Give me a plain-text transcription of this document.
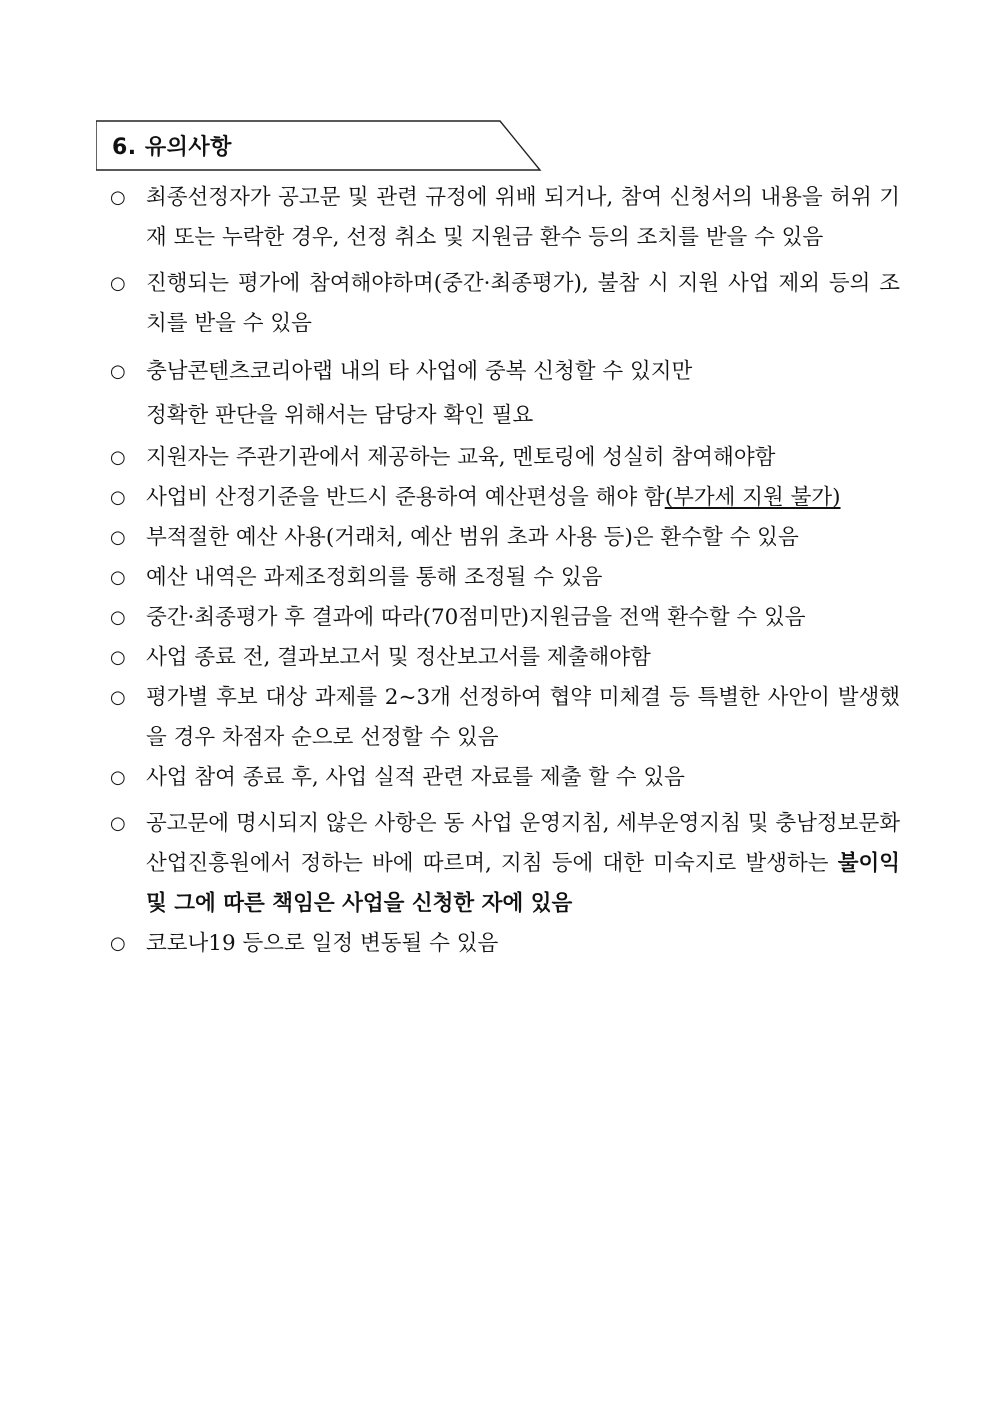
6. 유의사항
○ 최종선정자가 공고문 및 관련 규정에 위배 되거나, 참여 신청서의 내용을 허위 기재 또는 누락한 경우, 선정 취소 및 지원금 환수 등의 조치를 받을 수 있음
○ 진행되는 평가에 참여해야하며(중간·최종평가), 불참 시 지원 사업 제외 등의 조치를 받을 수 있음
○ 충남콘텐츠코리아랩 내의 타 사업에 중복 신청할 수 있지만
정확한 판단을 위해서는 담당자 확인 필요
○ 지원자는 주관기관에서 제공하는 교육, 멘토링에 성실히 참여해야함
○ 사업비 산정기준을 반드시 준용하여 예산편성을 해야 함(부가세 지원 불가)
○ 부적절한 예산 사용(거래처, 예산 범위 초과 사용 등)은 환수할 수 있음
○ 예산 내역은 과제조정회의를 통해 조정될 수 있음
○ 중간·최종평가 후 결과에 따라(70점미만)지원금을 전액 환수할 수 있음
○ 사업 종료 전, 결과보고서 및 정산보고서를 제출해야함
○ 평가별 후보 대상 과제를 2~3개 선정하여 협약 미체결 등 특별한 사안이 발생했을 경우 차점자 순으로 선정할 수 있음
○ 사업 참여 종료 후, 사업 실적 관련 자료를 제출 할 수 있음
○ 공고문에 명시되지 않은 사항은 동 사업 운영지침, 세부운영지침 및 충남정보문화산업진흥원에서 정하는 바에 따르며, 지침 등에 대한 미숙지로 발생하는 불이익 및 그에 따른 책임은 사업을 신청한 자에 있음
○ 코로나19 등으로 일정 변동될 수 있음
